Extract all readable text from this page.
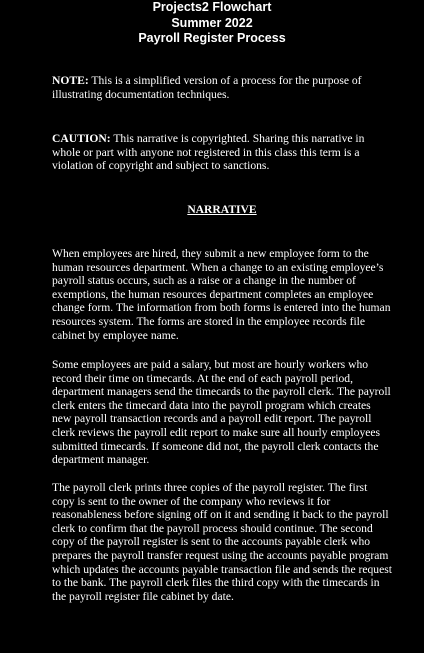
Projects2 Flowchart
Summer 2022
Payroll Register Process

NOTE: This is a simplified version of a process for the purpose of illustrating documentation techniques.

CAUTION: This narrative is copyrighted. Sharing this narrative in whole or part with anyone not registered in this class this term is a violation of copyright and subject to sanctions.

NARRATIVE

When employees are hired, they submit a new employee form to the human resources department. When a change to an existing employee’s payroll status occurs, such as a raise or a change in the number of exemptions, the human resources department completes an employee change form. The information from both forms is entered into the human resources system. The forms are stored in the employee records file cabinet by employee name.

Some employees are paid a salary, but most are hourly workers who record their time on timecards. At the end of each payroll period, department managers send the timecards to the payroll clerk. The payroll clerk enters the timecard data into the payroll program which creates new payroll transaction records and a payroll edit report. The payroll clerk reviews the payroll edit report to make sure all hourly employees submitted timecards. If someone did not, the payroll clerk contacts the department manager.

The payroll clerk prints three copies of the payroll register. The first copy is sent to the owner of the company who reviews it for reasonableness before signing off on it and sending it back to the payroll clerk to confirm that the payroll process should continue. The second copy of the payroll register is sent to the accounts payable clerk who prepares the payroll transfer request using the accounts payable program which updates the accounts payable transaction file and sends the request to the bank. The payroll clerk files the third copy with the timecards in the payroll register file cabinet by date.
